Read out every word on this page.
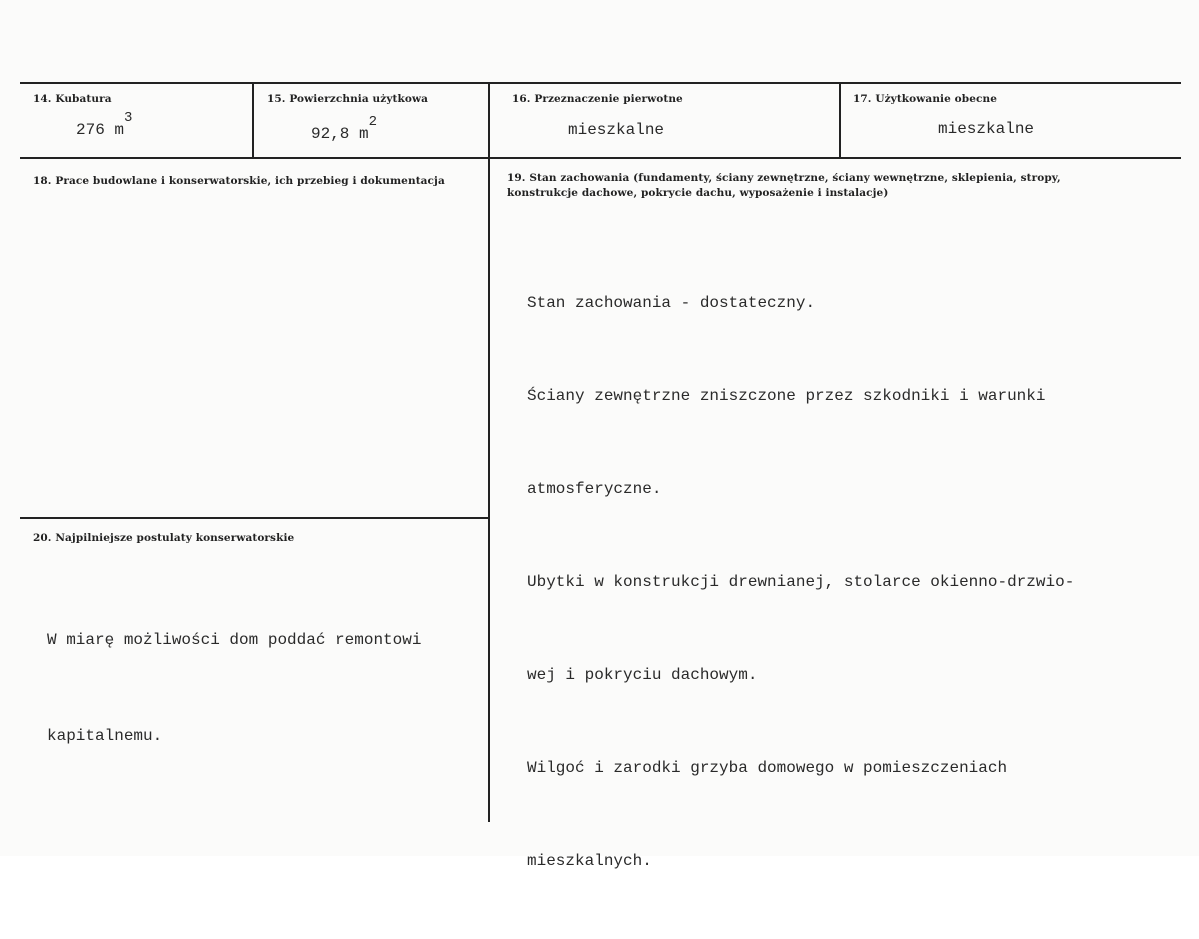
14. Kubatura
276 m3
15. Powierzchnia użytkowa
92,8 m2
16. Przeznaczenie pierwotne
mieszkalne
17. Użytkowanie obecne
mieszkalne
18. Prace budowlane i konserwatorskie, ich przebieg i dokumentacja	19. Stan zachowania (fundamenty, ściany zewnętrzne, ściany wewnętrzne, sklepienia, stropy,
konstrukcje dachowe, pokrycie dachu, wyposażenie i instalacje)

Stan zachowania - dostateczny.

Ściany zewnętrzne zniszczone przez szkodniki i warunki

atmosferyczne.

Ubytki w konstrukcji drewnianej, stolarce okienno-drzwio-

wej i pokryciu dachowym.

Wilgoć i zarodki grzyba domowego w pomieszczeniach

mieszkalnych.

20. Najpilniejsze postulaty konserwatorskie

W miarę możliwości dom poddać remontowi

kapitalnemu.
